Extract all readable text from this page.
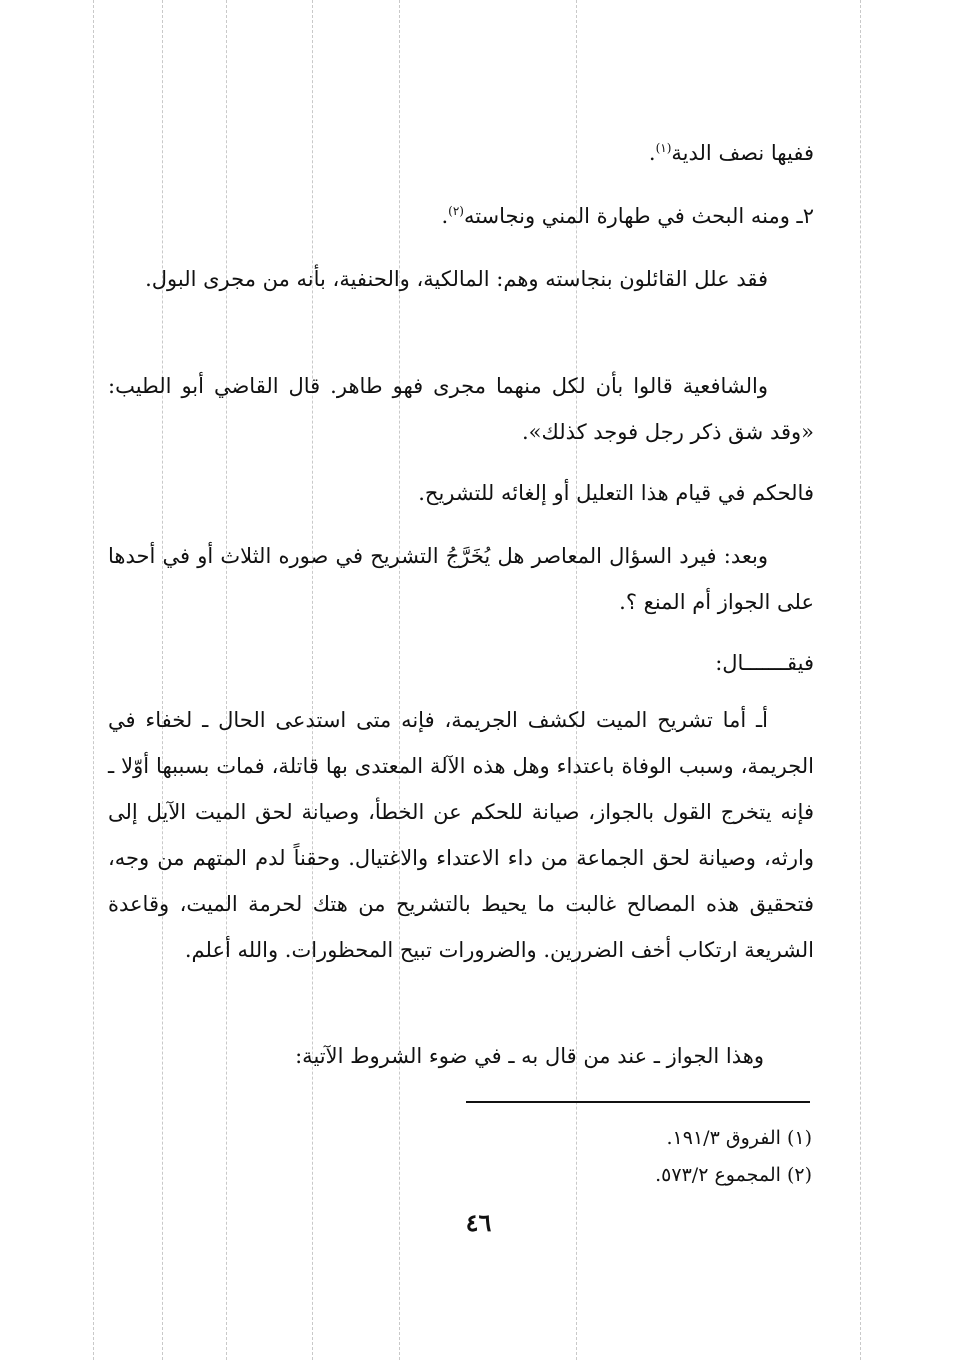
ففيها نصف الدية$^{(١)}$.
٢ـ ومنه البحث في طهارة المني ونجاسته$^{(٢)}$.
فقد علل القائلون بنجاسته وهم: المالكية، والحنفية، بأنه من مجرى البول.
والشافعية قالوا بأن لكل منهما مجرى فهو طاهر. قال القاضي أبو الطيب: «وقد شق ذكر رجل فوجد كذلك».
فالحكم في قيام هذا التعليل أو إلغائه للتشريح.
وبعد: فيرد السؤال المعاصر هل يُخَرَّجُ التشريح في صوره الثلاث أو في أحدها على الجواز أم المنع ؟.
فيقـــــــال:
أـ أما تشريح الميت لكشف الجريمة، فإنه متى استدعى الحال ـ لخفاء في الجريمة، وسبب الوفاة باعتداء وهل هذه الآلة المعتدى بها قاتلة، فمات بسببها أوّلا ـ فإنه يتخرج القول بالجواز، صيانة للحكم عن الخطأ، وصيانة لحق الميت الآيل إلى وارثه، وصيانة لحق الجماعة من داء الاعتداء والاغتيال. وحقناً لدم المتهم من وجه، فتحقيق هذه المصالح غالبت ما يحيط بالتشريح من هتك لحرمة الميت، وقاعدة الشريعة ارتكاب أخف الضررين. والضرورات تبيح المحظورات. والله أعلم.
وهذا الجواز ـ عند من قال به ـ في ضوء الشروط الآتية:
(١) الفروق ١٩١/٣.
(٢) المجموع ٥٧٣/٢.
٤٦
